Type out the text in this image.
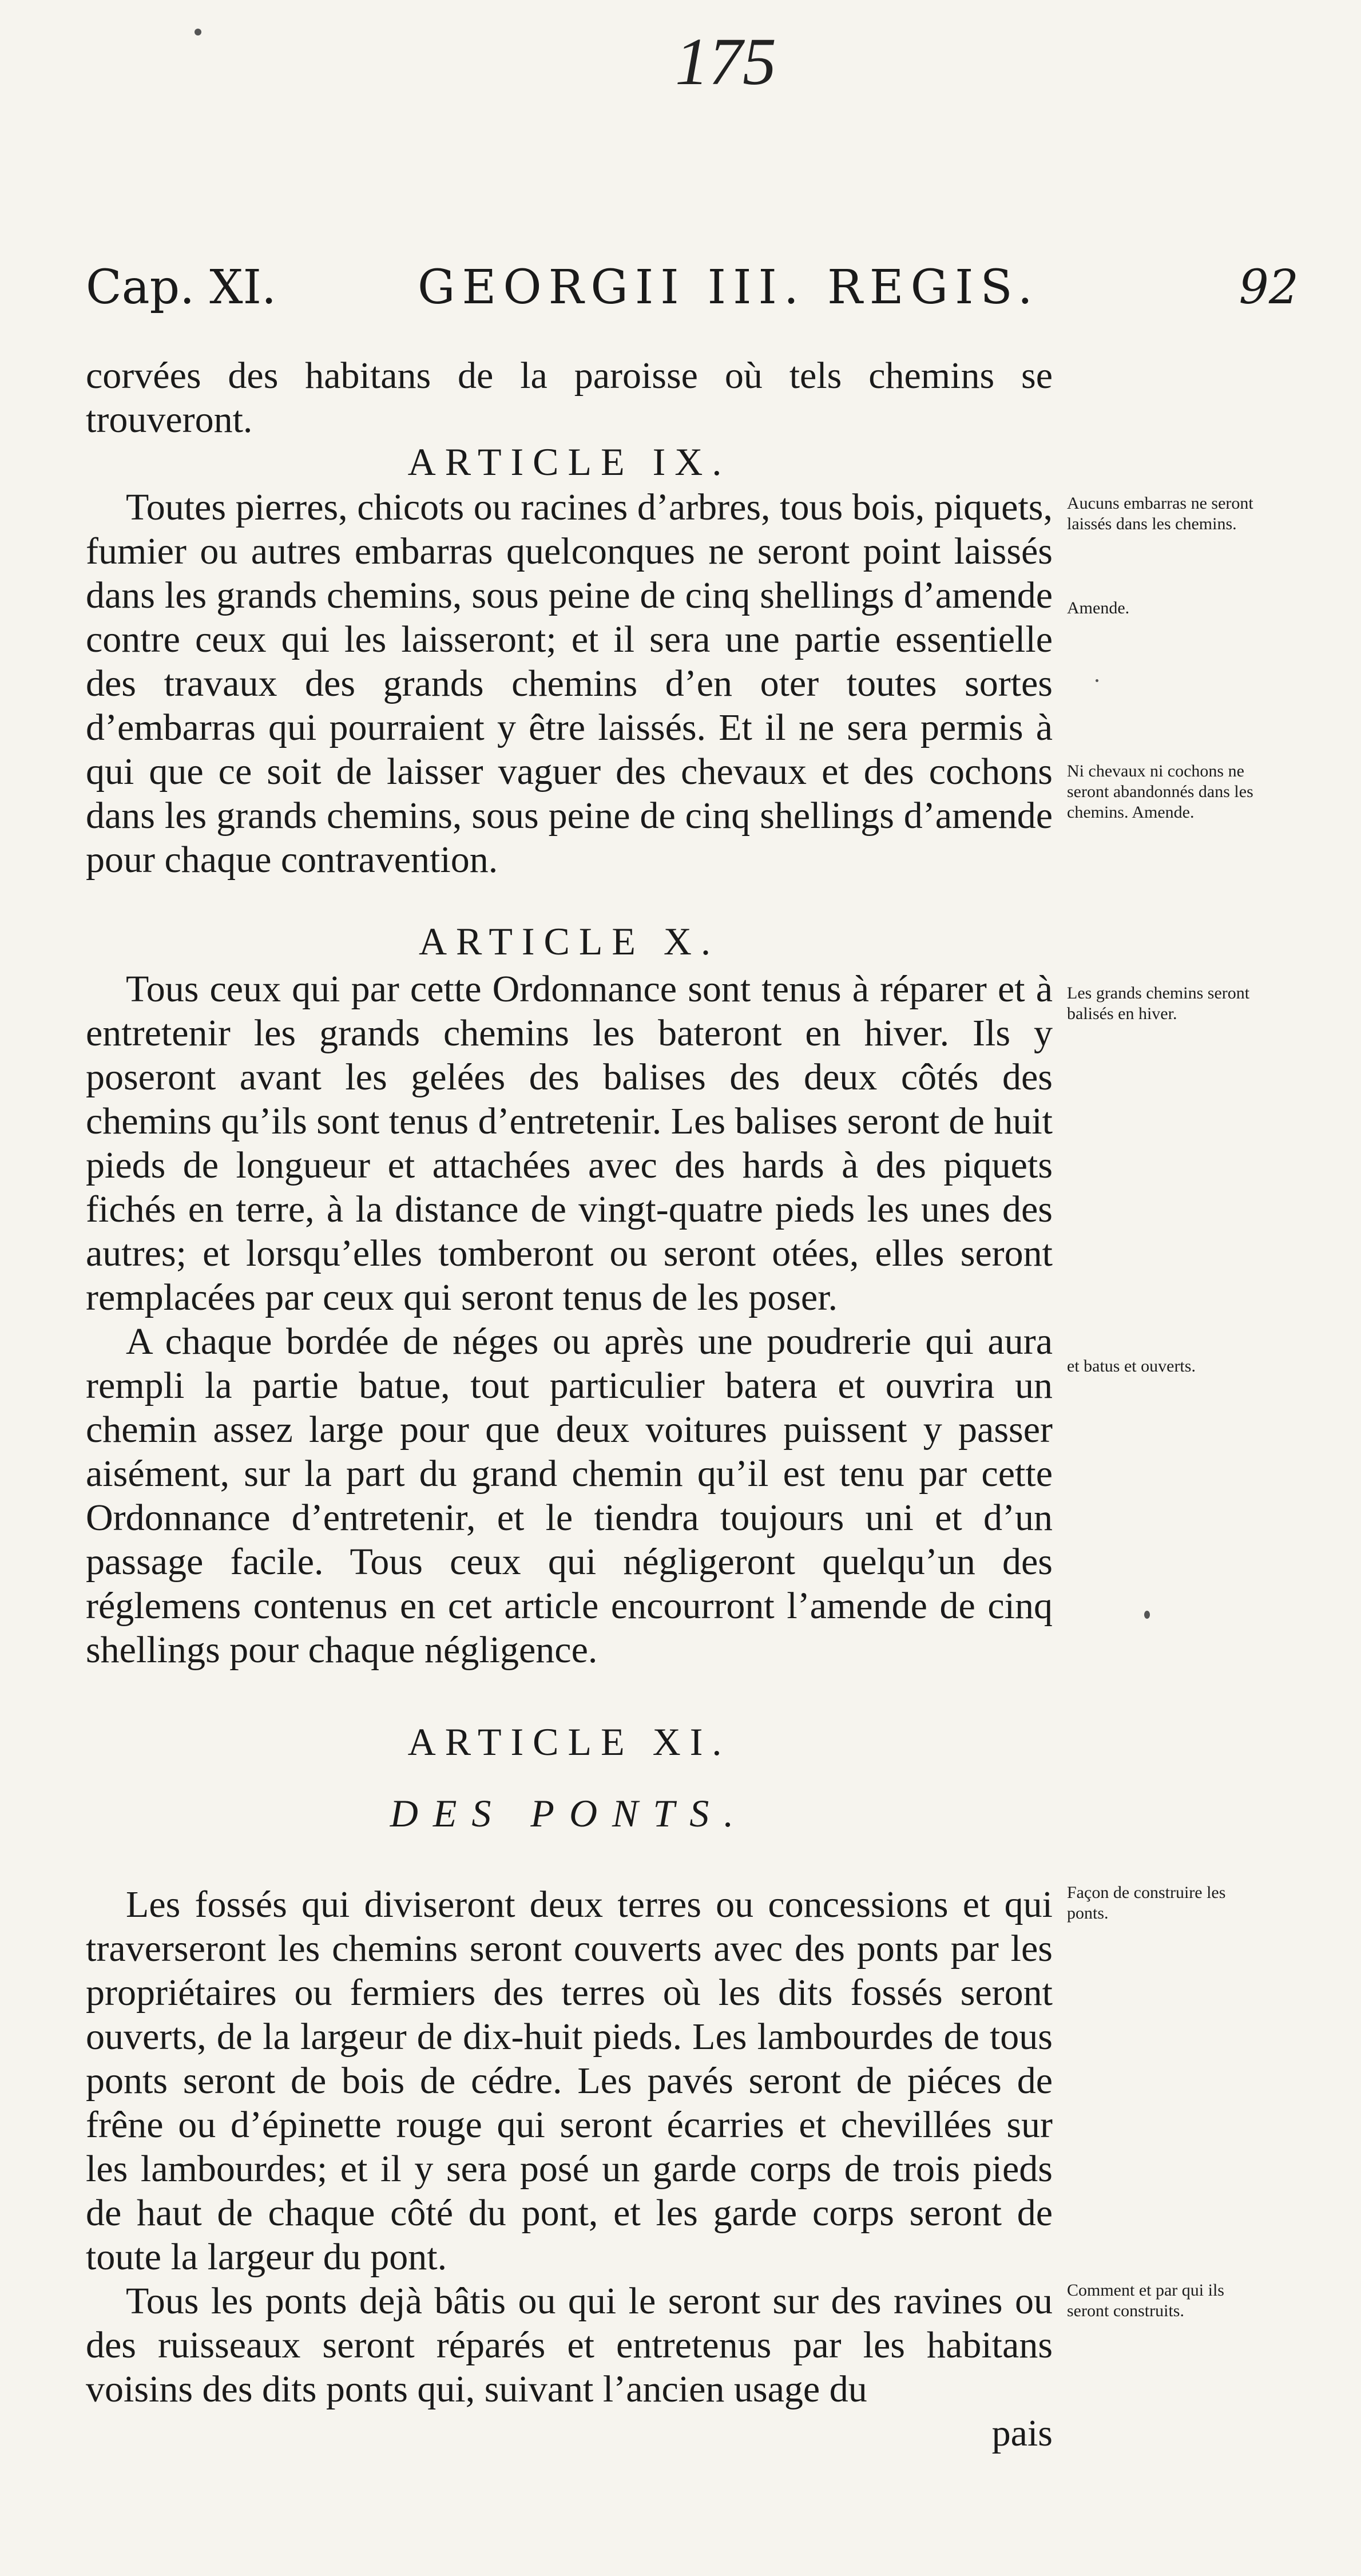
175
Cap. XI.	GEORGII III. REGIS.	92

corvées des habitans de la paroisse où tels chemins se trouveront.

ARTICLE IX.

Toutes pierres, chicots ou racines d’arbres, tous bois, piquets, fumier ou autres embarras quelconques ne seront point laissés dans les grands chemins, sous peine de cinq shellings d’amende contre ceux qui les laisseront; et il sera une partie essentielle des travaux des grands chemins d’en oter toutes sortes d’embarras qui pourraient y être laissés. Et il ne sera permis à qui que ce soit de laisser vaguer des chevaux et des cochons dans les grands chemins, sous peine de cinq shellings d’amende pour chaque contravention.

ARTICLE X.

Tous ceux qui par cette Ordonnance sont tenus à réparer et à entretenir les grands chemins les bateront en hiver. Ils y poseront avant les gelées des balises des deux côtés des chemins qu’ils sont tenus d’entretenir. Les balises seront de huit pieds de longueur et attachées avec des hards à des piquets fichés en terre, à la distance de vingt-quatre pieds les unes des autres; et lorsqu’elles tomberont ou seront otées, elles seront remplacées par ceux qui seront tenus de les poser.

A chaque bordée de néges ou après une poudrerie qui aura rempli la partie batue, tout particulier batera et ouvrira un chemin assez large pour que deux voitures puissent y passer aisément, sur la part du grand chemin qu’il est tenu par cette Ordonnance d’entretenir, et le tiendra toujours uni et d’un passage facile. Tous ceux qui négligeront quelqu’un des réglemens contenus en cet article encourront l’amende de cinq shellings pour chaque négligence.

ARTICLE XI.
DES PONTS.

Les fossés qui diviseront deux terres ou concessions et qui traverseront les chemins seront couverts avec des ponts par les propriétaires ou fermiers des terres où les dits fossés seront ouverts, de la largeur de dix-huit pieds. Les lambourdes de tous ponts seront de bois de cédre. Les pavés seront de piéces de frêne ou d’épinette rouge qui seront écarries et chevillées sur les lambourdes; et il y sera posé un garde corps de trois pieds de haut de chaque côté du pont, et les garde corps seront de toute la largeur du pont.

Tous les ponts dejà bâtis ou qui le seront sur des ravines ou des ruisseaux seront réparés et entretenus par les habitans voisins des dits ponts qui, suivant l’ancien usage du

pais

Aucuns embarras ne seront laissés dans les chemins.
Amende.
Ni chevaux ni cochons ne seront abandonnés dans les chemins. Amende.
Les grands chemins seront balisés en hiver.
et batus et ouverts.
Façon de construire les ponts.
Comment et par qui ils seront construits.
